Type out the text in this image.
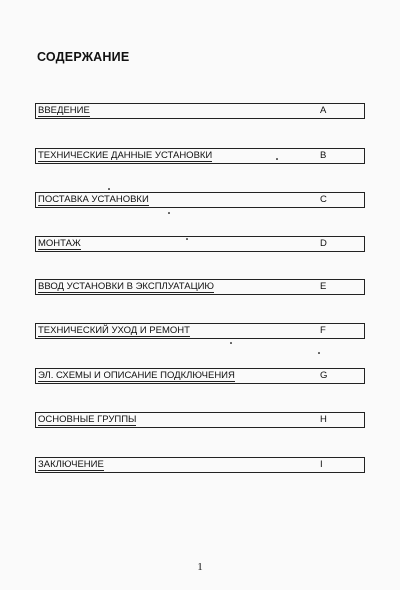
СОДЕРЖАНИЕ
ВВЕДЕНИЕ	A
ТЕХНИЧЕСКИЕ ДАННЫЕ УСТАНОВКИ	B
ПОСТАВКА УСТАНОВКИ	C
МОНТАЖ	D
ВВОД УСТАНОВКИ В ЭКСПЛУАТАЦИЮ	E
ТЕХНИЧЕСКИЙ УХОД И РЕМОНТ	F
ЭЛ. СХЕМЫ И ОПИСАНИЕ ПОДКЛЮЧЕНИЯ	G
ОСНОВНЫЕ ГРУППЫ	H
ЗАКЛЮЧЕНИЕ	I
1
